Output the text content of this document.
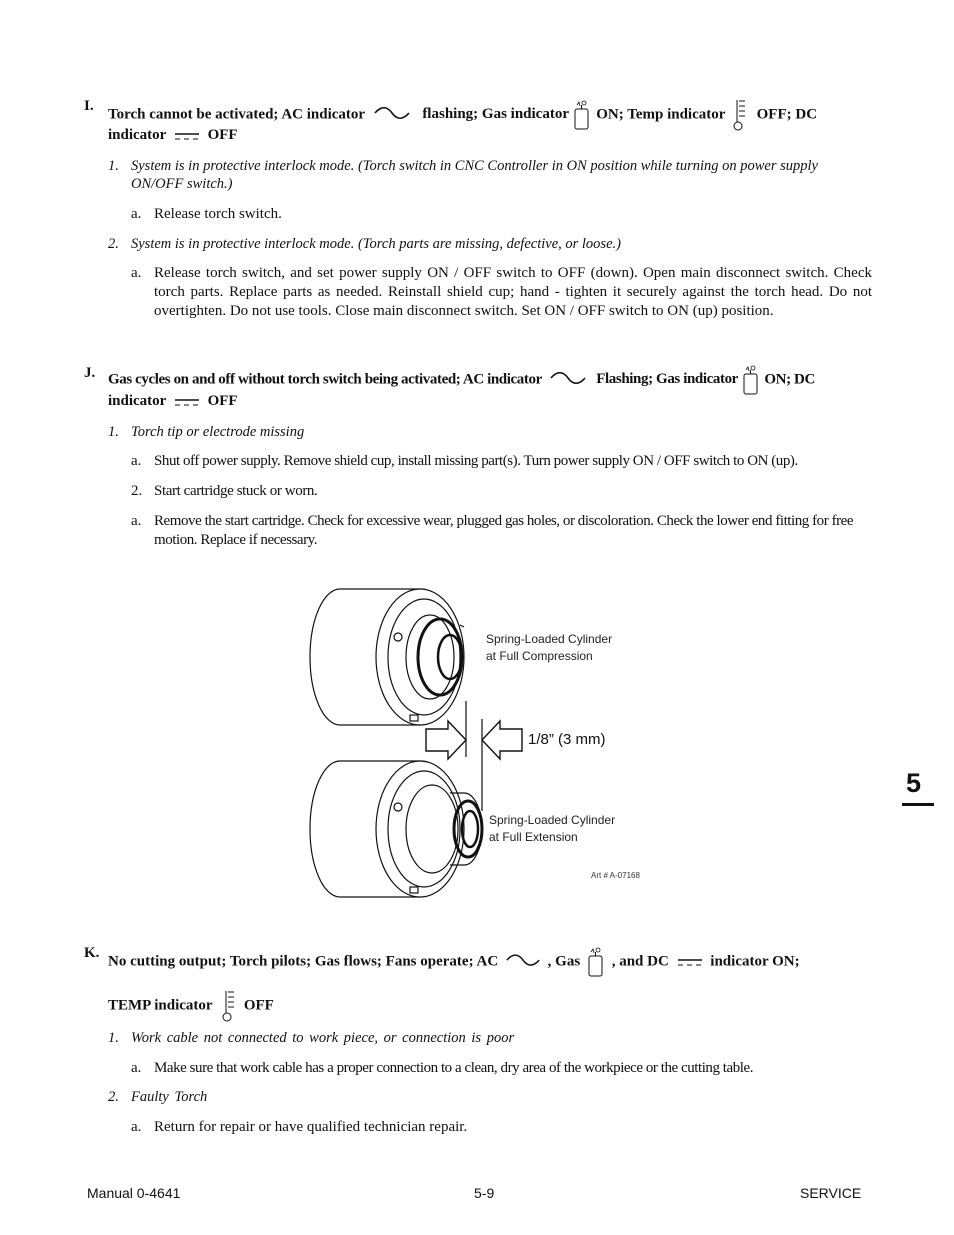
I.
Torch cannot be activated; AC indicator	flashing; Gas indicator ON; Temp indicator OFF; DC
indicator	OFF
1. System is in protective interlock mode. (Torch switch in CNC Controller in ON position while turning on power supply ON/OFF switch.)
a. Release torch switch.
2. System is in protective interlock mode. (Torch parts are missing, defective, or loose.)
a. Release torch switch, and set power supply ON / OFF switch to OFF (down). Open main disconnect switch. Check torch parts. Replace parts as needed. Reinstall shield cup; hand - tighten it securely against the torch head. Do not overtighten. Do not use tools. Close main disconnect switch. Set ON / OFF switch to ON (up) position.
J. Gas cycles on and off without torch switch being activated; AC indicator	Flashing; Gas indicator ON; DC
indicator	OFF
1. Torch tip or electrode missing
a. Shut off power supply. Remove shield cup, install missing part(s). Turn power supply ON / OFF switch to ON (up).
2. Start cartridge stuck or worn.
a. Remove the start cartridge. Check for excessive wear, plugged gas holes, or discoloration. Check the lower end fitting for free motion. Replace if necessary.
Spring-Loaded Cylinder
at Full Compression
1/8” (3 mm)
Spring-Loaded Cylinder
at Full Extension
Art # A-07168
K.
No cutting output; Torch pilots; Gas flows; Fans operate; AC	, Gas , and DC	indicator ON;
TEMP indicator OFF
1. Work cable not connected to work piece, or connection is poor
a. Make sure that work cable has a proper connection to a clean, dry area of the workpiece or the cutting table.
2. Faulty Torch
a. Return for repair or have qualified technician repair.
5
Manual 0-4641	5-9	SERVICE
